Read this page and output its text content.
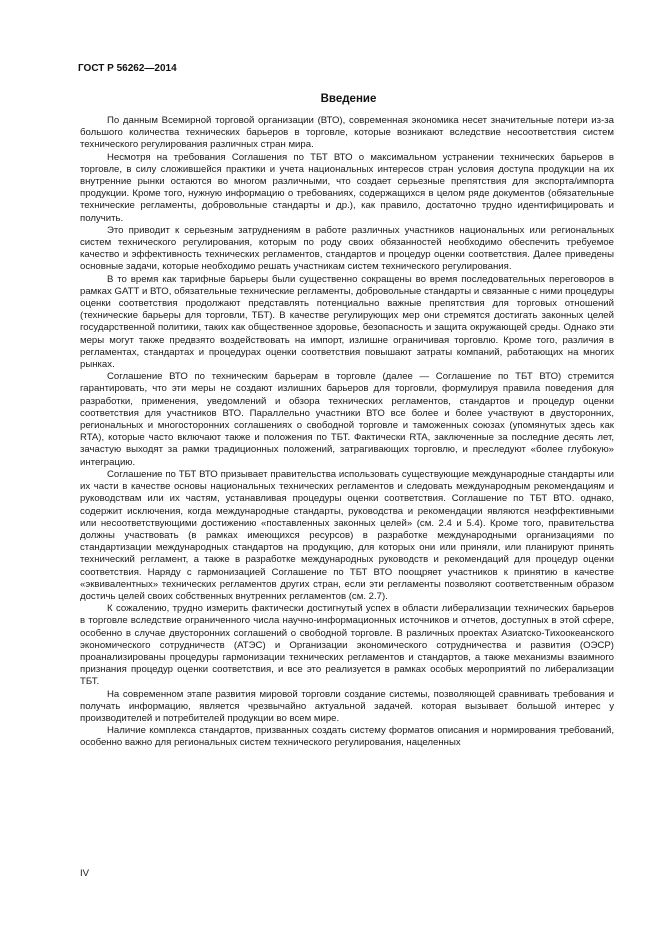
ГОСТ Р 56262—2014
Введение

По данным Всемирной торговой организации (ВТО), современная экономика несет значительные потери из-за большого количества технических барьеров в торговле, которые возникают вследствие несоответствия систем технического регулирования различных стран мира.

Несмотря на требования Соглашения по ТБТ ВТО о максимальном устранении технических барьеров в торговле, в силу сложившейся практики и учета национальных интересов стран условия доступа продукции на их внутренние рынки остаются во многом различными, что создает серьезные препятствия для экспорта/импорта продукции. Кроме того, нужную информацию о требованиях, содержащихся в целом ряде документов (обязательные технические регламенты, добровольные стандарты и др.), как правило, достаточно трудно идентифицировать и получить.

Это приводит к серьезным затруднениям в работе различных участников национальных или региональных систем технического регулирования, которым по роду своих обязанностей необходимо обеспечить требуемое качество и эффективность технических регламентов, стандартов и процедур оценки соответствия. Далее приведены основные задачи, которые необходимо решать участникам систем технического регулирования.

В то время как тарифные барьеры были существенно сокращены во время последовательных переговоров в рамках GATT и ВТО, обязательные технические регламенты, добровольные стандарты и связанные с ними процедуры оценки соответствия продолжают представлять потенциально важные препятствия для торговых отношений (технические барьеры для торговли, ТБТ). В качестве регулирующих мер они стремятся достигать законных целей государственной политики, таких как общественное здоровье, безопасность и защита окружающей среды. Однако эти меры могут также предвзято воздействовать на импорт, излишне ограничивая торговлю. Кроме того, различия в регламентах, стандартах и процедурах оценки соответствия повышают затраты компаний, работающих на многих рынках.

Соглашение ВТО по техническим барьерам в торговле (далее — Соглашение по ТБТ ВТО) стремится гарантировать, что эти меры не создают излишних барьеров для торговли, формулируя правила поведения для разработки, применения, уведомлений и обзора технических регламентов, стандартов и процедур оценки соответствия для участников ВТО. Параллельно участники ВТО все более и более участвуют в двусторонних, региональных и многосторонних соглашениях о свободной торговле и таможенных союзах (упомянутых здесь как RTA), которые часто включают также и положения по ТБТ. Фактически RTA, заключенные за последние десять лет, зачастую выходят за рамки традиционных положений, затрагивающих торговлю, и преследуют «более глубокую» интеграцию.

Соглашение по ТБТ ВТО призывает правительства использовать существующие международные стандарты или их части в качестве основы национальных технических регламентов и следовать международным рекомендациям и руководствам или их частям, устанавливая процедуры оценки соответствия. Соглашение по ТБТ ВТО. однако, содержит исключения, когда международные стандарты, руководства и рекомендации являются неэффективными или несоответствующими достижению «поставленных законных целей» (см. 2.4 и 5.4). Кроме того, правительства должны участвовать (в рамках имеющихся ресурсов) в разработке международными организациями по стандартизации международных стандартов на продукцию, для которых они или приняли, или планируют принять технический регламент, а также в разработке международных руководств и рекомендаций для процедур оценки соответствия. Наряду с гармонизацией Соглашение по ТБТ ВТО поощряет участников к принятию в качестве «эквивалентных» технических регламентов других стран, если эти регламенты позволяют соответственным образом достичь целей своих собственных внутренних регламентов (см. 2.7).

К сожалению, трудно измерить фактически достигнутый успех в области либерализации технических барьеров в торговле вследствие ограниченного числа научно-информационных источников и отчетов, доступных в этой сфере, особенно в случае двусторонних соглашений о свободной торговле. В различных проектах Азиатско-Тихоокеанского экономического сотрудничеств (АТЭС) и Организации экономического сотрудничества и развития (ОЭСР) проанализированы процедуры гармонизации технических регламентов и стандартов, а также механизмы взаимного признания процедур оценки соответствия, и все это реализуется в рамках особых мероприятий по либерализации ТБТ.

На современном этапе развития мировой торговли создание системы, позволяющей сравнивать требования и получать информацию, является чрезвычайно актуальной задачей. которая вызывает большой интерес у производителей и потребителей продукции во всем мире.

Наличие комплекса стандартов, призванных создать систему форматов описания и нормирования требований, особенно важно для региональных систем технического регулирования, нацеленных

IV
